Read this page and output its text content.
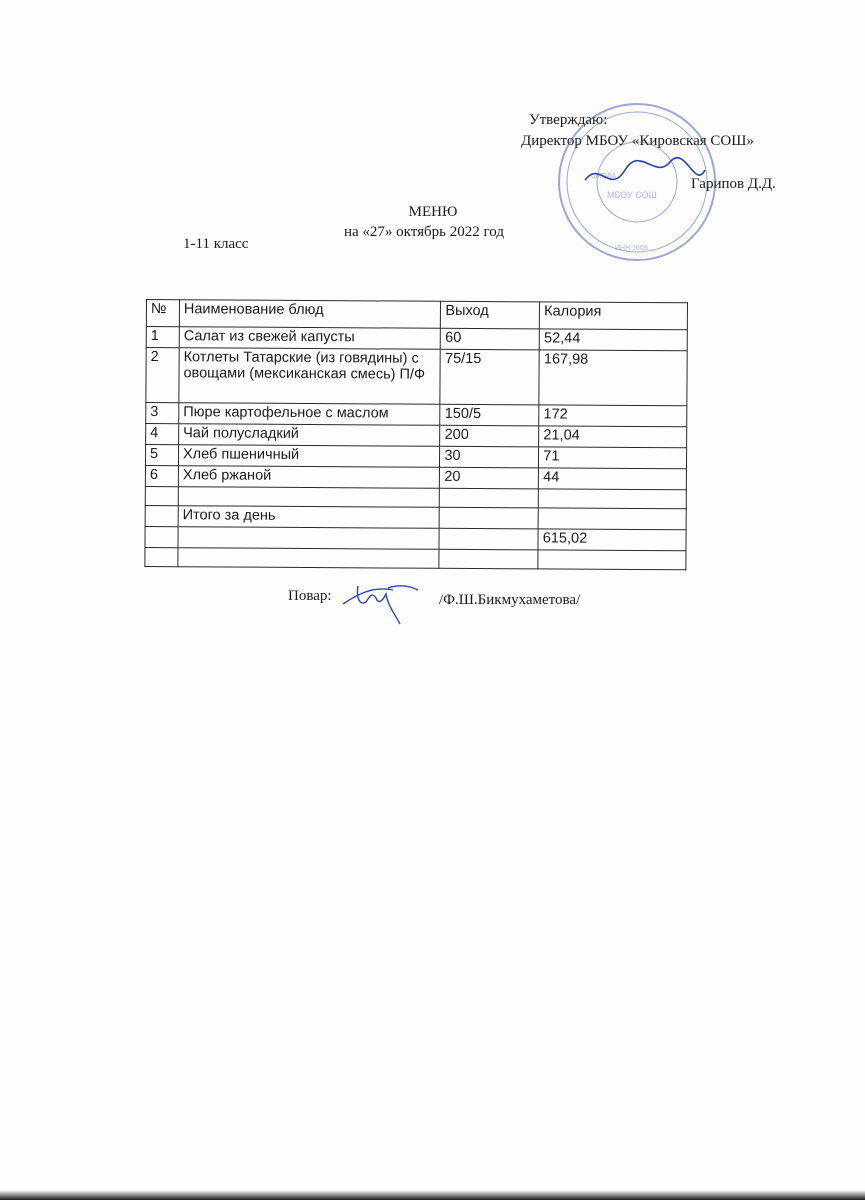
Утверждаю:
Директор МБОУ «Кировская СОШ»
Гарипов Д.Д.
ШКОЛА
МБОУ СОШ
ИНН 1609...
МЕНЮ
на «27» октябрь 2022 год
1-11 класс
№	Наименование блюд	Выход	Калория
1	Салат из свежей капусты	60	52,44
2	Котлеты Татарские (из говядины) с овощами (мексиканская смесь) П/Ф	75/15	167,98
3	Пюре картофельное с маслом	150/5	172
4	Чай полусладкий	200	21,04
5	Хлеб пшеничный	30	71
6	Хлеб ржаной	20	44

	Итого за день		
			615,02

Повар:	/Ф.Ш.Бикмухаметова/
